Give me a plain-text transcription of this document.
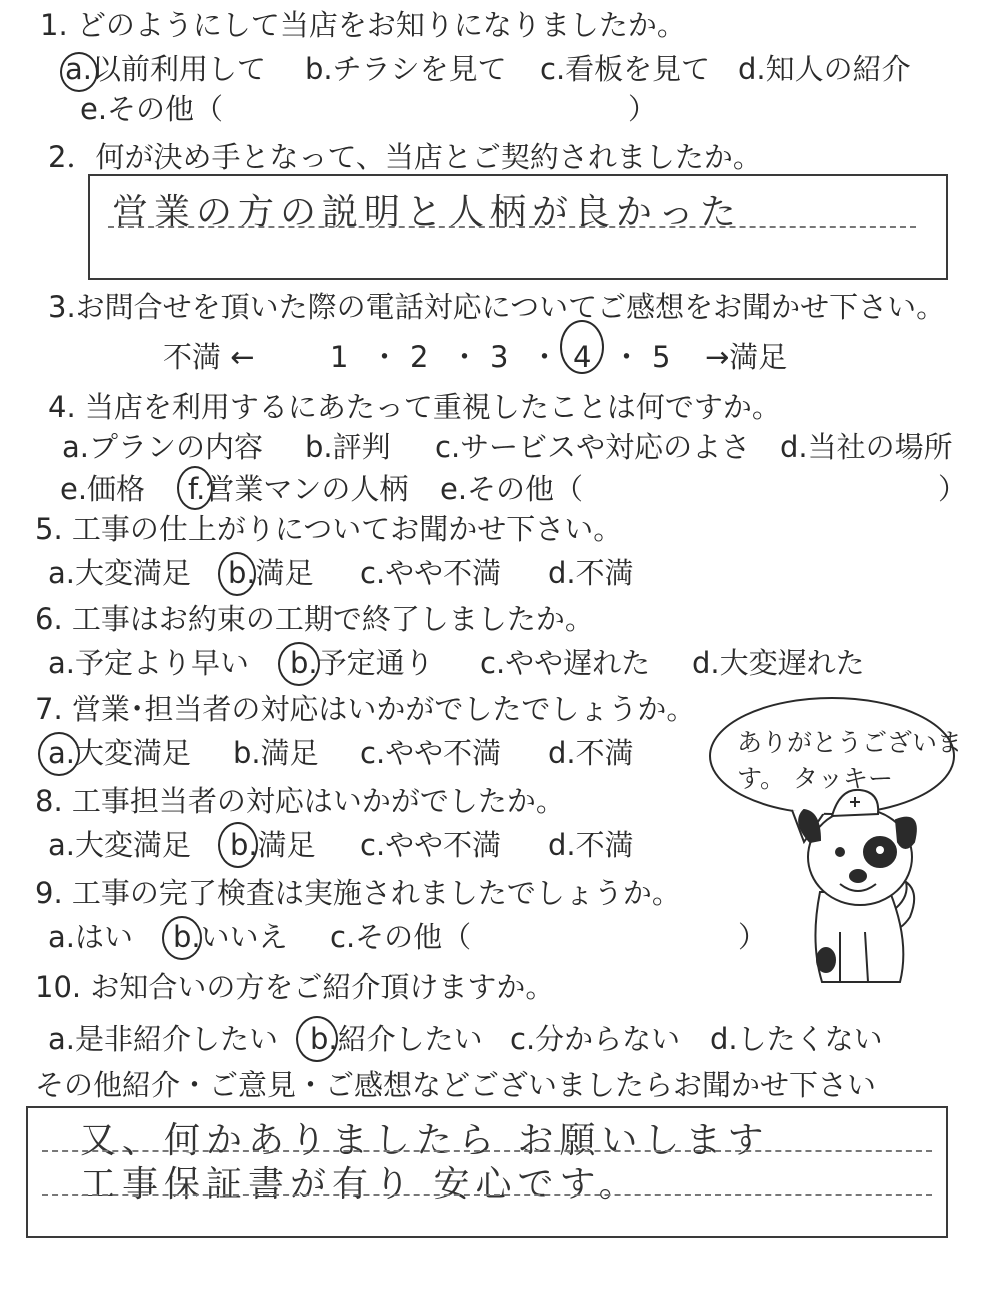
1. どのようにして当店をお知りになりましたか。
a.以前利用して b.チラシを見て c.看板を見て d.知人の紹介
e.その他（	）
2．何が決め手となって、当店とご契約されましたか。
営業の方の説明と人柄が良かった
3.お問合せを頂いた際の電話対応についてご感想をお聞かせ下さい。
不満 ←	1 ・ 2 ・ 3 ・ 4 ・ 5 →満足
4. 当店を利用するにあたって重視したことは何ですか。
a.プランの内容 b.評判 c.サービスや対応のよさ d.当社の場所
e.価格 f.営業マンの人柄 e.その他（	）
5. 工事の仕上がりについてお聞かせ下さい。
a.大変満足 b.満足 c.やや不満 d.不満
6. 工事はお約束の工期で終了しましたか。
a.予定より早い b.予定通り c.やや遅れた d.大変遅れた
7. 営業･担当者の対応はいかがでしたでしょうか。
a.大変満足 b.満足 c.やや不満 d.不満
8. 工事担当者の対応はいかがでしたか。
a.大変満足 b.満足 c.やや不満 d.不満
9. 工事の完了検査は実施されましたでしょうか。
a.はい b.いいえ c.その他（	）
10. お知合いの方をご紹介頂けますか。
a.是非紹介したい b.紹介したい c.分からない d.したくない
その他紹介・ご意見・ご感想などございましたらお聞かせ下さい
又、何かありましたら お願いします
工事保証書が有り 安心です。
ありがとうございま
す。 タッキー
